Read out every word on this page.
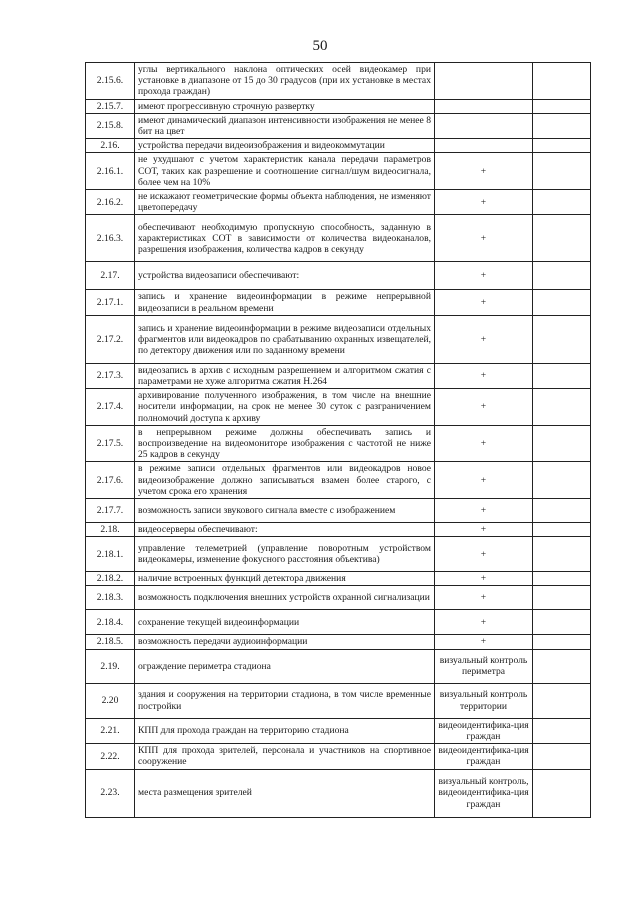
50
2.15.6.	углы вертикального наклона оптических осей видеокамер при установке в диапазоне от 15 до 30 градусов (при их установке в местах прохода граждан)		
2.15.7.	имеют прогрессивную строчную развертку		
2.15.8.	имеют динамический диапазон интенсивности изображения не менее 8 бит на цвет		
2.16.	устройства передачи видеоизображения и видеокоммутации		
2.16.1.	не ухудшают с учетом характеристик канала передачи параметров СОТ, таких как разрешение и соотношение сигнал/шум видеосигнала, более чем на 10%	+	
2.16.2.	не искажают геометрические формы объекта наблюдения, не изменяют цветопередачу	+	
2.16.3.	обеспечивают необходимую пропускную способность, заданную в характеристиках СОТ в зависимости от количества видеоканалов, разрешения изображения, количества кадров в секунду	+	
2.17.	устройства видеозаписи обеспечивают:	+	
2.17.1.	запись и хранение видеоинформации в режиме непрерывной видеозаписи в реальном времени	+	
2.17.2.	запись и хранение видеоинформации в режиме видеозаписи отдельных фрагментов или видеокадров по срабатыванию охранных извещателей, по детектору движения или по заданному времени	+	
2.17.3.	видеозапись в архив с исходным разрешением и алгоритмом сжатия с параметрами не хуже алгоритма сжатия Н.264	+	
2.17.4.	архивирование полученного изображения, в том числе на внешние носители информации, на срок не менее 30 суток с разграничением полномочий доступа к архиву	+	
2.17.5.	в непрерывном режиме должны обеспечивать запись и воспроизведение на видеомониторе изображения с частотой не ниже 25 кадров в секунду	+	
2.17.6.	в режиме записи отдельных фрагментов или видеокадров новое видеоизображение должно записываться взамен более старого, с учетом срока его хранения	+	
2.17.7.	возможность записи звукового сигнала вместе с изображением	+	
2.18.	видеосерверы обеспечивают:	+	
2.18.1.	управление телеметрией (управление поворотным устройством видеокамеры, изменение фокусного расстояния объектива)	+	
2.18.2.	наличие встроенных функций детектора движения	+	
2.18.3.	возможность подключения внешних устройств охранной сигнализации	+	
2.18.4.	сохранение текущей видеоинформации	+	
2.18.5.	возможность передачи аудиоинформации	+	
2.19.	ограждение периметра стадиона	визуальный контроль периметра	
2.20	здания и сооружения на территории стадиона, в том числе временные постройки	визуальный контроль территории	
2.21.	КПП для прохода граждан на территорию стадиона	видеоидентифика-ция граждан	
2.22.	КПП для прохода зрителей, персонала и участников на спортивное сооружение	видеоидентифика-ция граждан	
2.23.	места размещения зрителей	визуальный контроль, видеоидентифика-ция граждан	
